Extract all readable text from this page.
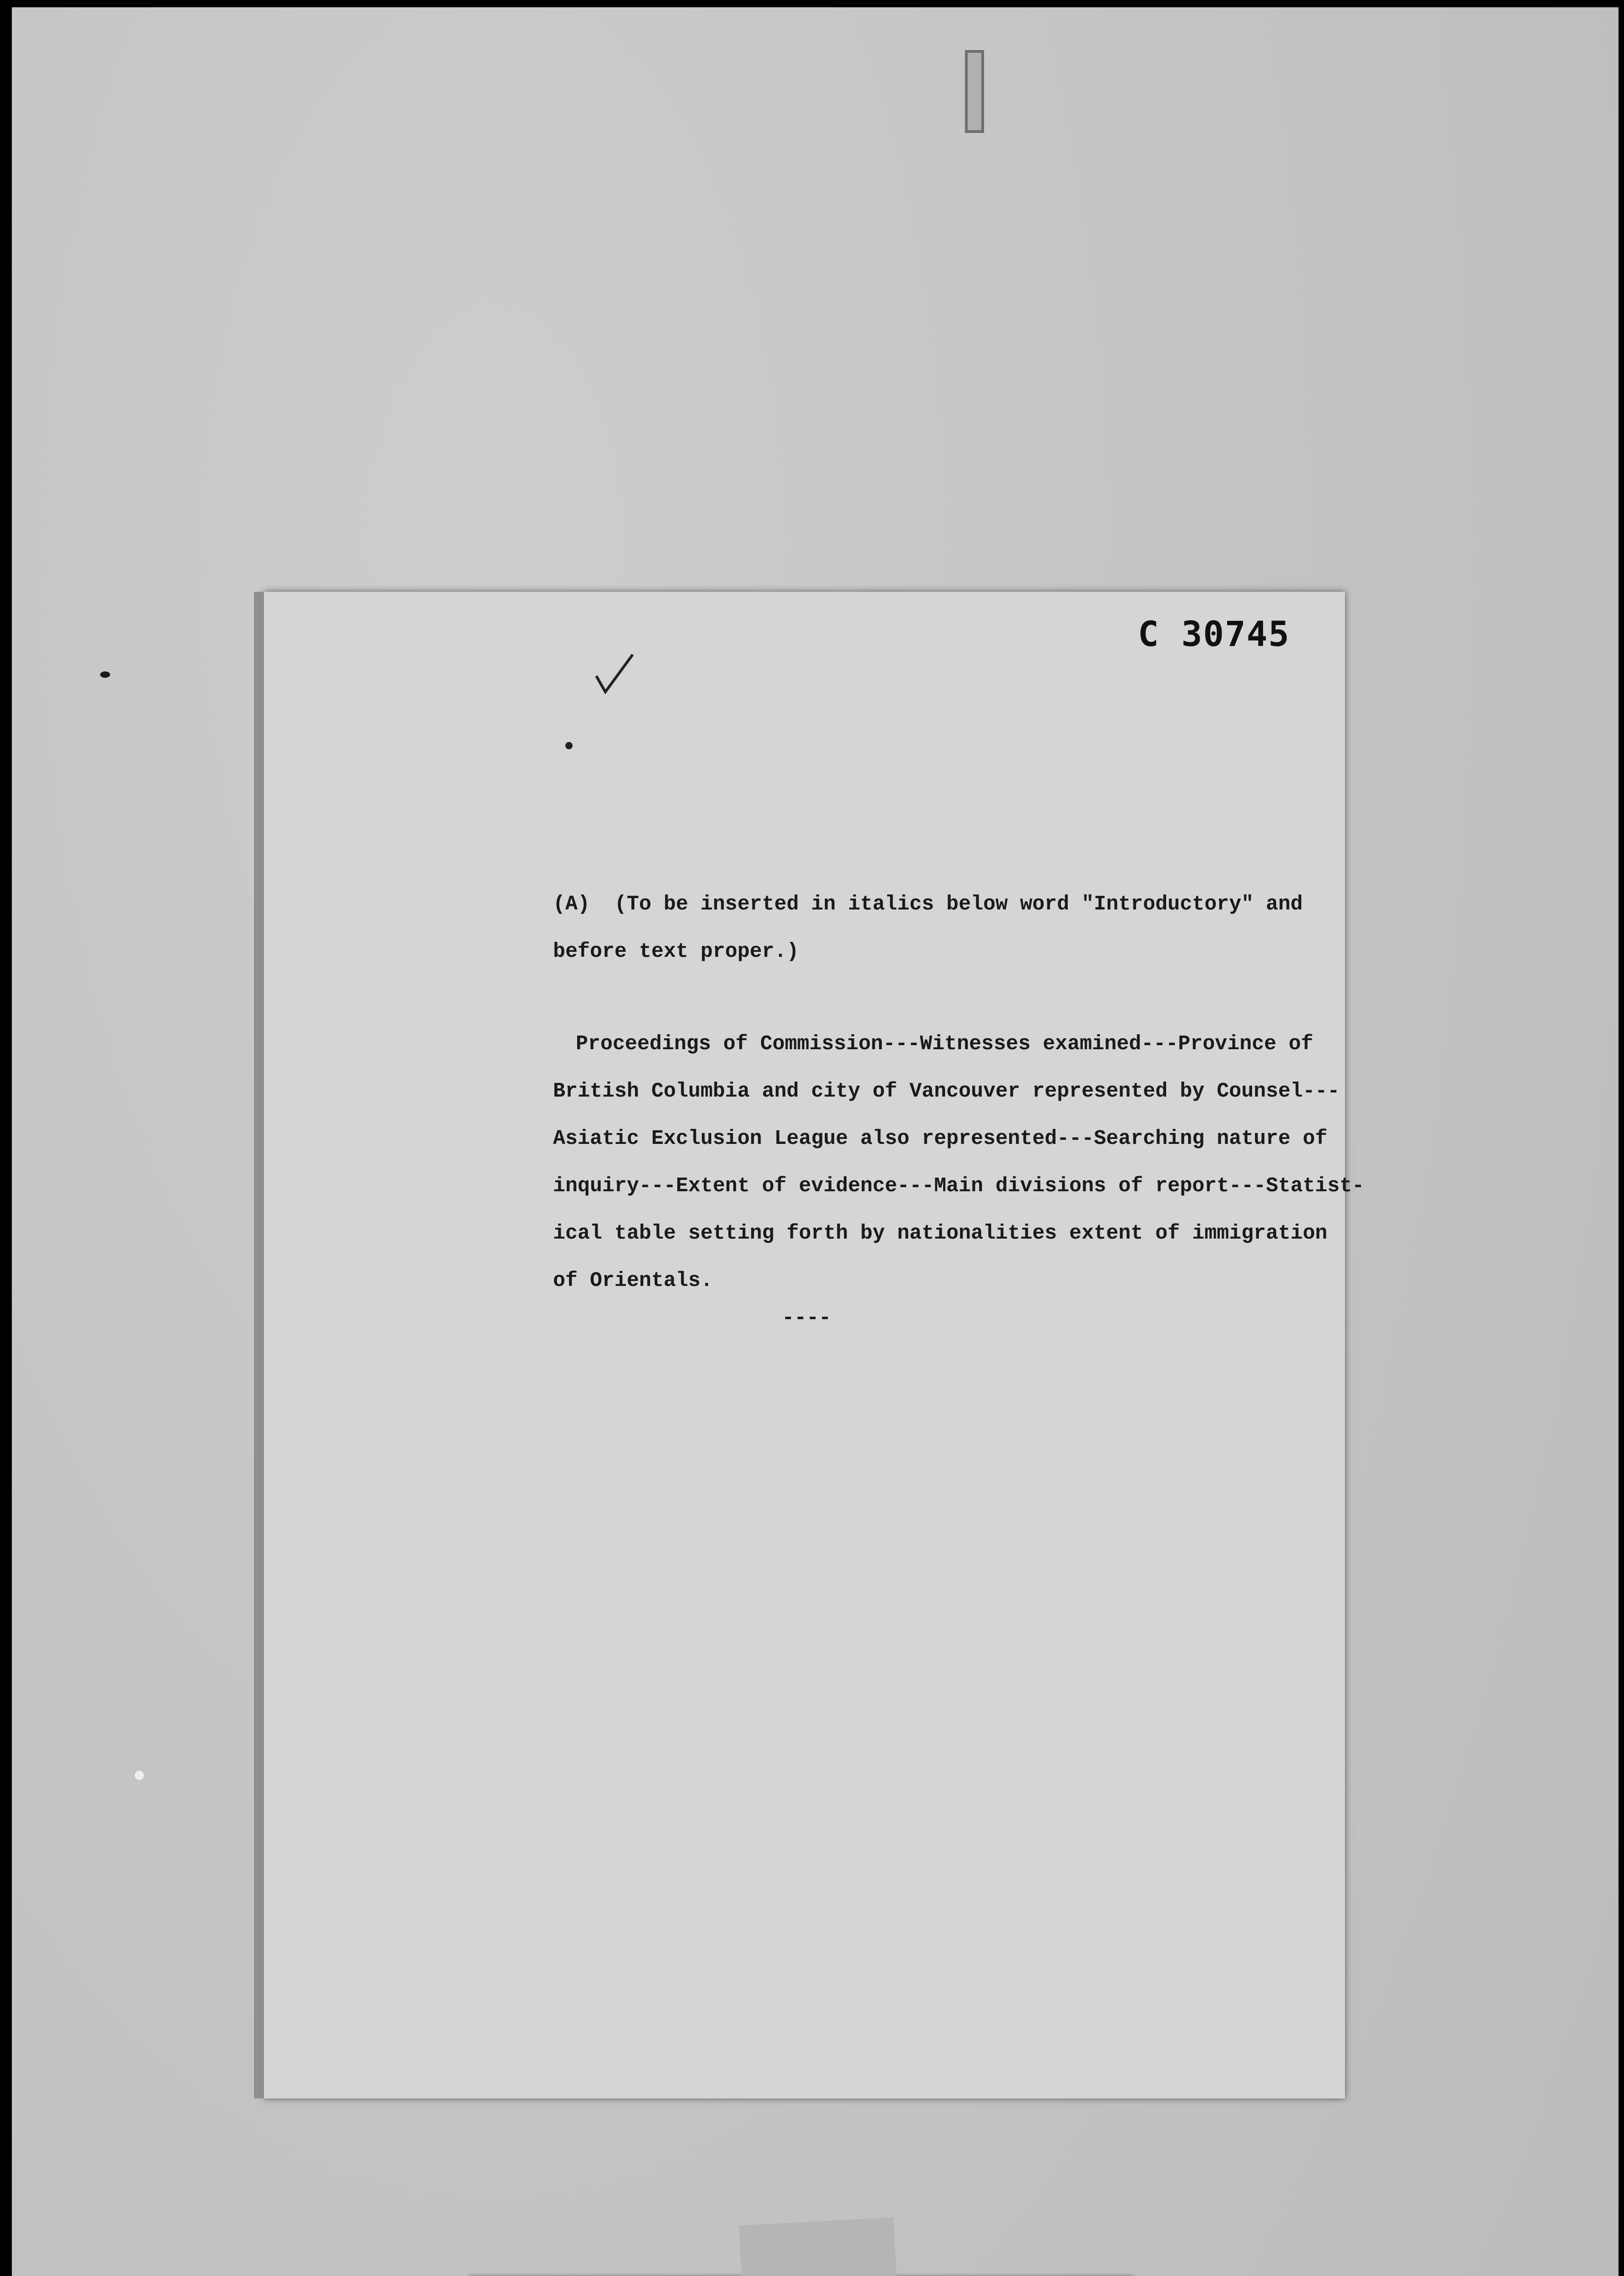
C 30745
(A)  (To be inserted in italics below word "Introductory" and
before text proper.)
Proceedings of Commission---Witnesses examined---Province of
British Columbia and city of Vancouver represented by Counsel---
Asiatic Exclusion League also represented---Searching nature of
inquiry---Extent of evidence---Main divisions of report---Statist-
ical table setting forth by nationalities extent of immigration
of Orientals.
----
